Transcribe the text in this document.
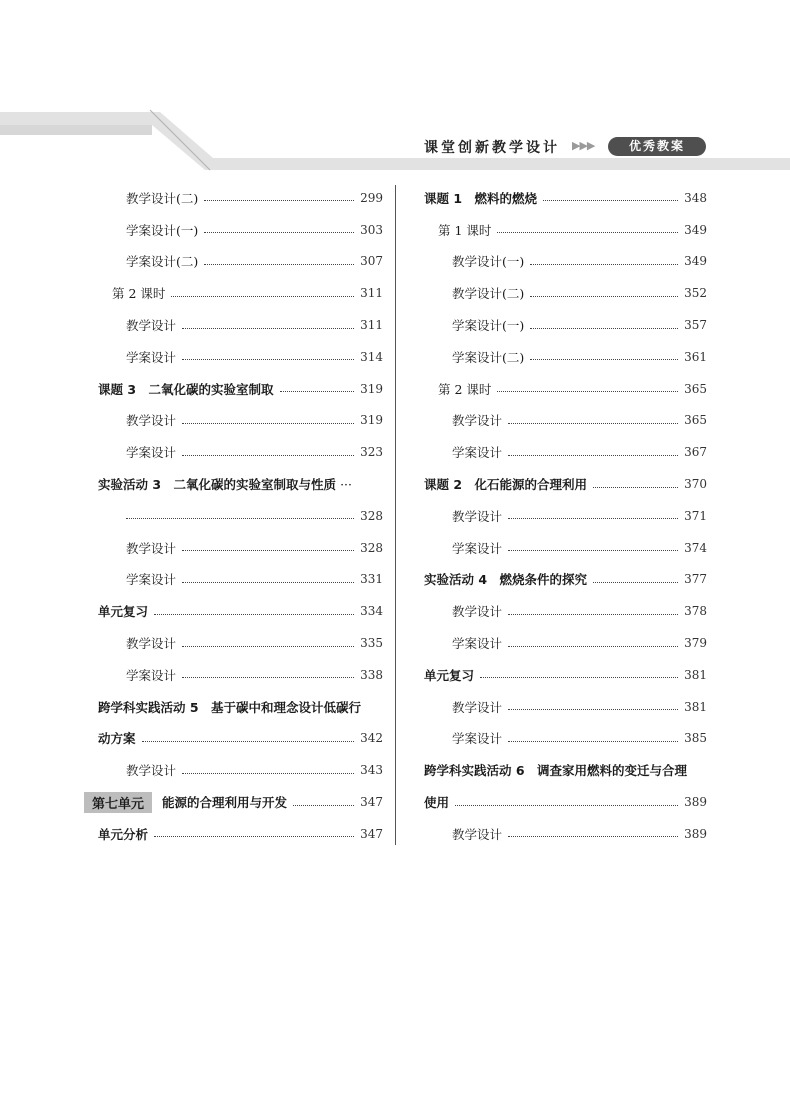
课堂创新教学设计 ▶▶▶	优秀教案
教学设计(二)	299
学案设计(一)	303
学案设计(二)	307
第 2 课时	311
教学设计	311
学案设计	314
课题 3　二氧化碳的实验室制取	319
教学设计	319
学案设计	323
实验活动 3　二氧化碳的实验室制取与性质 ···
328
教学设计	328
学案设计	331
单元复习	334
教学设计	335
学案设计	338
跨学科实践活动 5　基于碳中和理念设计低碳行
动方案	342
教学设计	343
第七单元	能源的合理利用与开发	347
单元分析	347
课题 1　燃料的燃烧	348
第 1 课时	349
教学设计(一)	349
教学设计(二)	352
学案设计(一)	357
学案设计(二)	361
第 2 课时	365
教学设计	365
学案设计	367
课题 2　化石能源的合理利用	370
教学设计	371
学案设计	374
实验活动 4　燃烧条件的探究	377
教学设计	378
学案设计	379
单元复习	381
教学设计	381
学案设计	385
跨学科实践活动 6　调查家用燃料的变迁与合理
使用	389
教学设计	389
